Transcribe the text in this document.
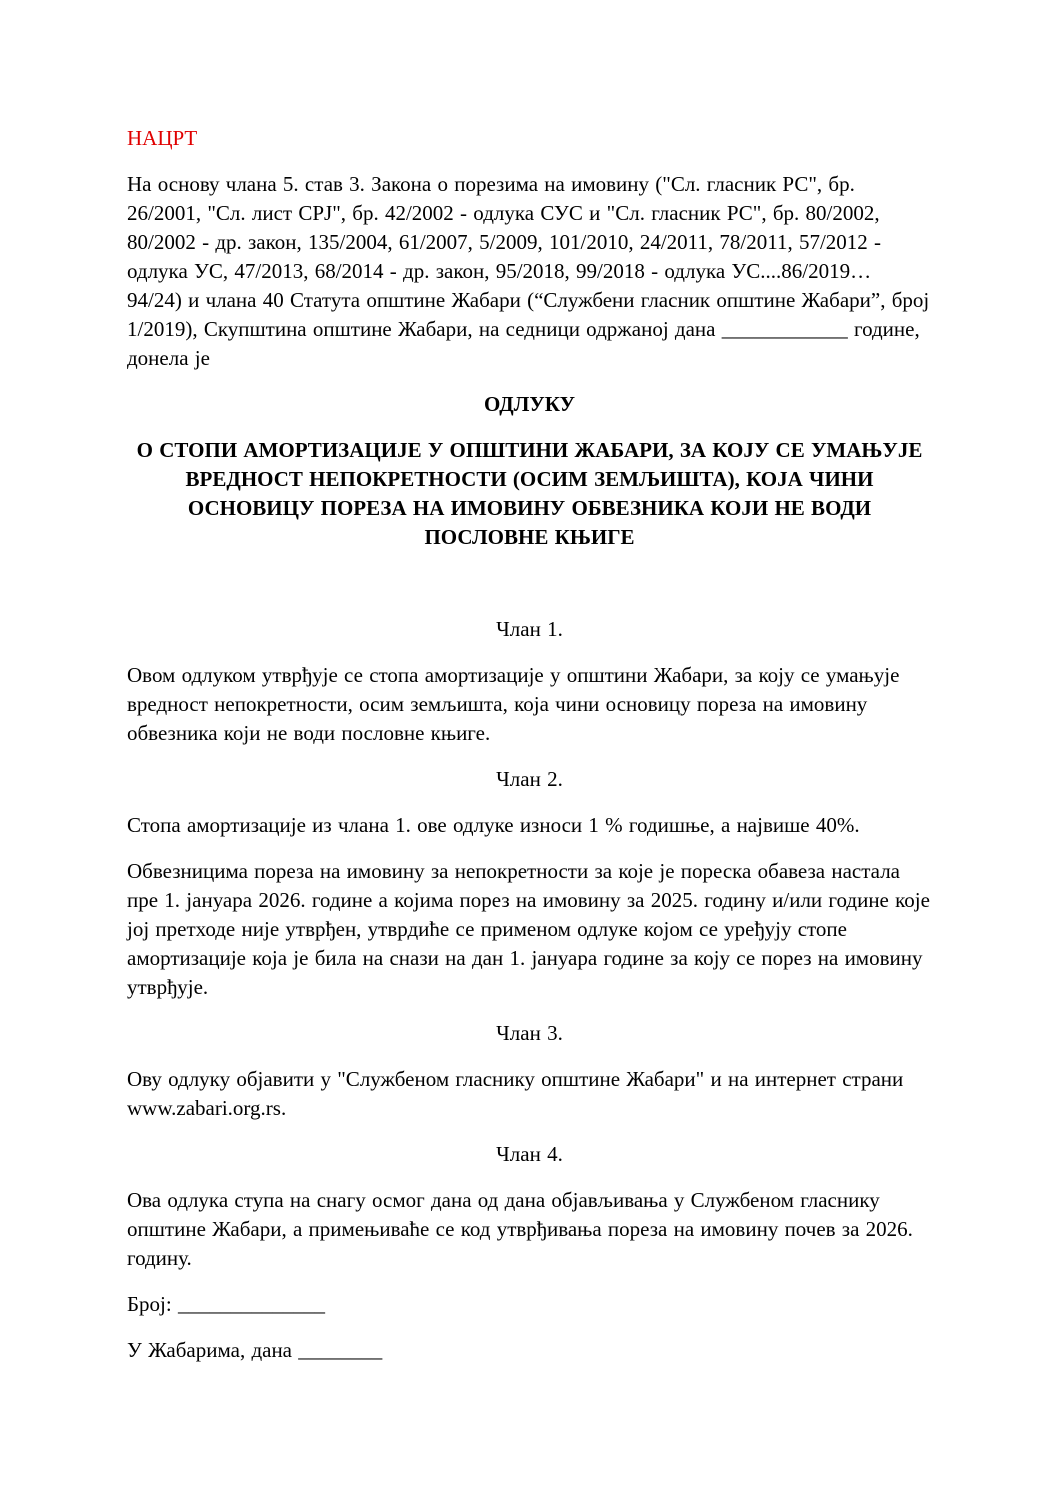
НАЦРТ

На основу члана 5. став 3. Закона о порезима на имовину ("Сл. гласник РС", бр. 26/2001, "Сл. лист СРЈ", бр. 42/2002 - одлука СУС и "Сл. гласник РС", бр. 80/2002, 80/2002 - др. закон, 135/2004, 61/2007, 5/2009, 101/2010, 24/2011, 78/2011, 57/2012 - одлука УС, 47/2013, 68/2014 - др. закон, 95/2018, 99/2018 - одлука УС....86/2019… 94/24) и члана 40 Статута општине Жабари (“Службени гласник општине Жабари”, број 1/2019), Скупштина општине Жабари, на седници одржаној дана ____________ године, донела је

ОДЛУКУ

О СТОПИ АМОРТИЗАЦИЈЕ У ОПШТИНИ ЖАБАРИ, ЗА КОЈУ СЕ УМАЊУЈЕ ВРЕДНОСТ НЕПОКРЕТНОСТИ (ОСИМ ЗЕМЉИШТА), КОЈА ЧИНИ ОСНОВИЦУ ПОРЕЗА НА ИМОВИНУ ОБВЕЗНИКА КОЈИ НЕ ВОДИ ПОСЛОВНЕ КЊИГЕ

Члан 1.

Овом одлуком утврђује се стопа амортизације у општини Жабари, за коју се умањује вредност непокретности, осим земљишта, која чини основицу пореза на имовину обвезника који не води пословне књиге.

Члан 2.

Стопа амортизације из члана 1. ове одлуке износи 1 % годишње, а највише 40%.

Обвезницима пореза на имовину за непокретности за које је пореска обавеза настала пре 1. јануара 2026. године а којима порез на имовину за 2025. годину и/или године које јој претходе није утврђен, утврдиће се применом одлуке којом се уређују стопе амортизације која је била на снази на дан 1. јануара године за коју се порез на имовину утврђује.

Члан 3.

Ову одлуку објавити у "Службеном гласнику општине Жабари" и на интернет страни www.zabari.org.rs.

Члан 4.

Ова одлука ступа на снагу осмог дана од дана објављивања у Службеном гласнику општине Жабари, а примењиваће се код утврђивања пореза на имовину почев за 2026. годину.

Број: ______________

У Жабарима, дана ________
